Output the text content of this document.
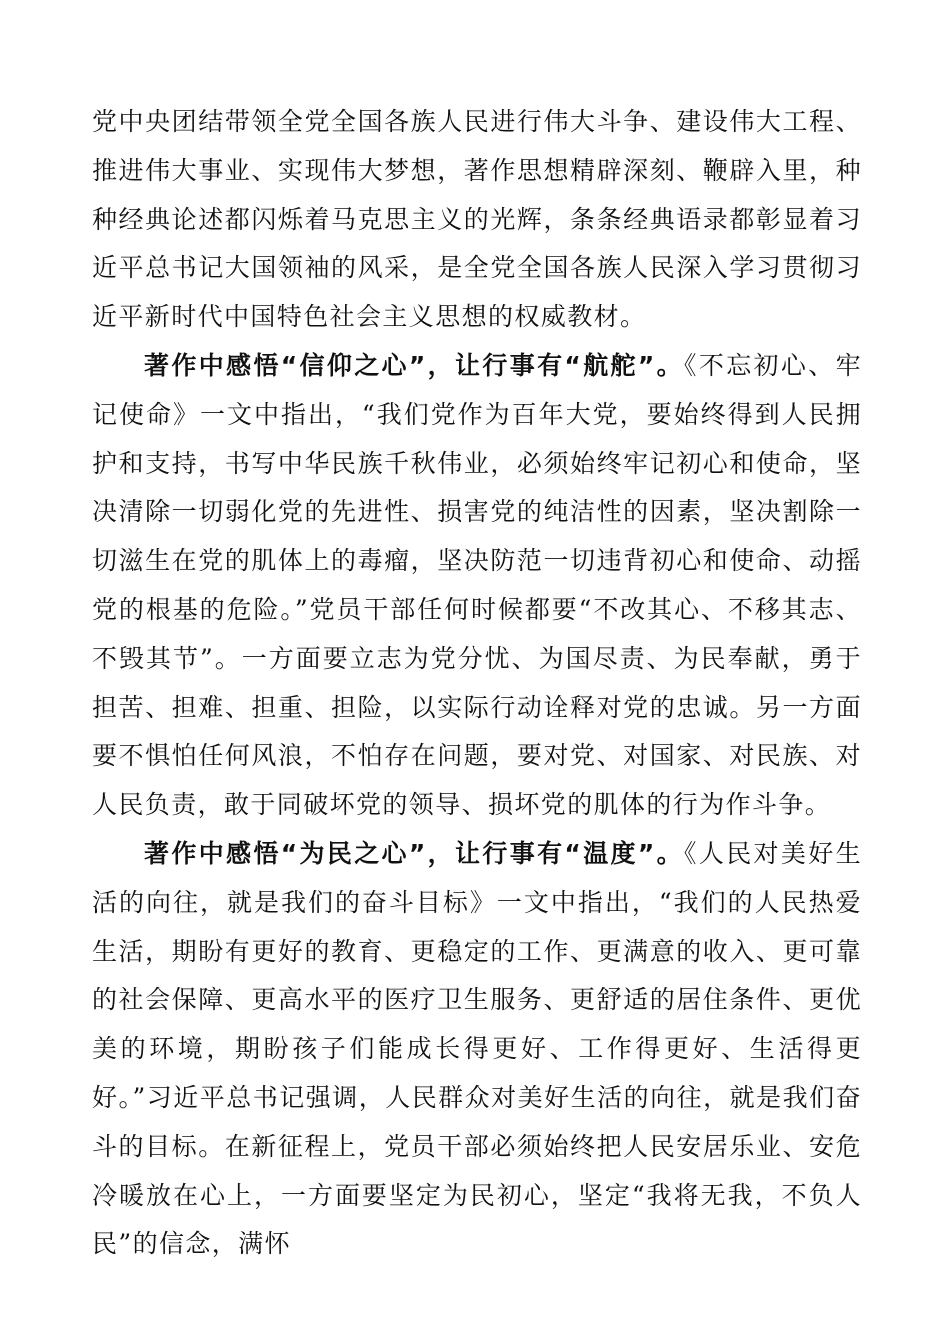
党中央团结带领全党全国各族人民进行伟大斗争、建设伟大工程、推进伟大事业、实现伟大梦想，著作思想精辟深刻、鞭辟入里，种种经典论述都闪烁着马克思主义的光辉，条条经典语录都彰显着习近平总书记大国领袖的风采，是全党全国各族人民深入学习贯彻习近平新时代中国特色社会主义思想的权威教材。

著作中感悟“信仰之心”，让行事有“航舵”。《不忘初心、牢记使命》一文中指出，“我们党作为百年大党，要始终得到人民拥护和支持，书写中华民族千秋伟业，必须始终牢记初心和使命，坚决清除一切弱化党的先进性、损害党的纯洁性的因素，坚决割除一切滋生在党的肌体上的毒瘤，坚决防范一切违背初心和使命、动摇党的根基的危险。”党员干部任何时候都要“不改其心、不移其志、不毁其节”。一方面要立志为党分忧、为国尽责、为民奉献，勇于担苦、担难、担重、担险，以实际行动诠释对党的忠诚。另一方面要不惧怕任何风浪，不怕存在问题，要对党、对国家、对民族、对人民负责，敢于同破坏党的领导、损坏党的肌体的行为作斗争。

著作中感悟“为民之心”，让行事有“温度”。《人民对美好生活的向往，就是我们的奋斗目标》一文中指出，“我们的人民热爱生活，期盼有更好的教育、更稳定的工作、更满意的收入、更可靠的社会保障、更高水平的医疗卫生服务、更舒适的居住条件、更优美的环境，期盼孩子们能成长得更好、工作得更好、生活得更好。”习近平总书记强调，人民群众对美好生活的向往，就是我们奋斗的目标。在新征程上，党员干部必须始终把人民安居乐业、安危冷暖放在心上，一方面要坚定为民初心，坚定“我将无我，不负人民”的信念，满怀
